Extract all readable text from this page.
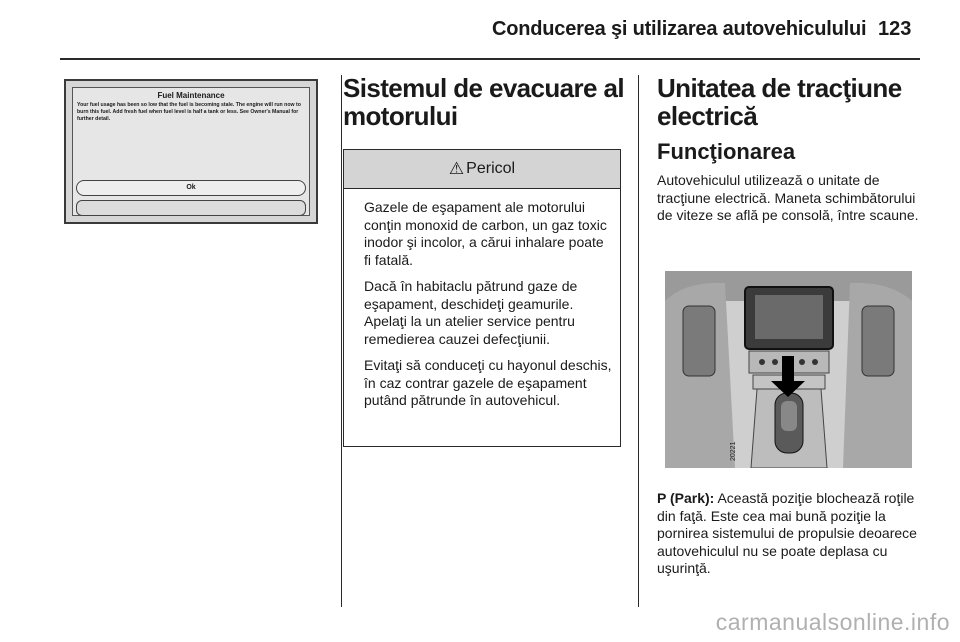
Conducerea şi utilizarea autovehiculului 123
Fuel Maintenance
Your fuel usage has been so low that the fuel is becoming stale. The engine will run now to burn this fuel. Add fresh fuel when fuel level is half a tank or less. See Owner's Manual for further detail.
Ok
Sistemul de evacuare al motorului
⚠ Pericol

Gazele de eşapament ale motorului conţin monoxid de carbon, un gaz toxic inodor şi incolor, a cărui inhalare poate fi fatală.

Dacă în habitaclu pătrund gaze de eşapament, deschideţi geamurile. Apelaţi la un atelier service pentru remedierea cauzei defecţiunii.

Evitaţi să conduceţi cu hayonul deschis, în caz contrar gazele de eşapament putând pătrunde în autovehicul.

Unitatea de tracţiune electrică
Funcţionarea

Autovehiculul utilizează o unitate de tracţiune electrică. Maneta schimbătorului de viteze se află pe consolă, între scaune.

20221

P (Park): Această poziţie blochează roţile din faţă. Este cea mai bună poziţie la pornirea sistemului de propulsie deoarece autovehiculul nu se poate deplasa cu uşurinţă.

carmanualsonline.info
